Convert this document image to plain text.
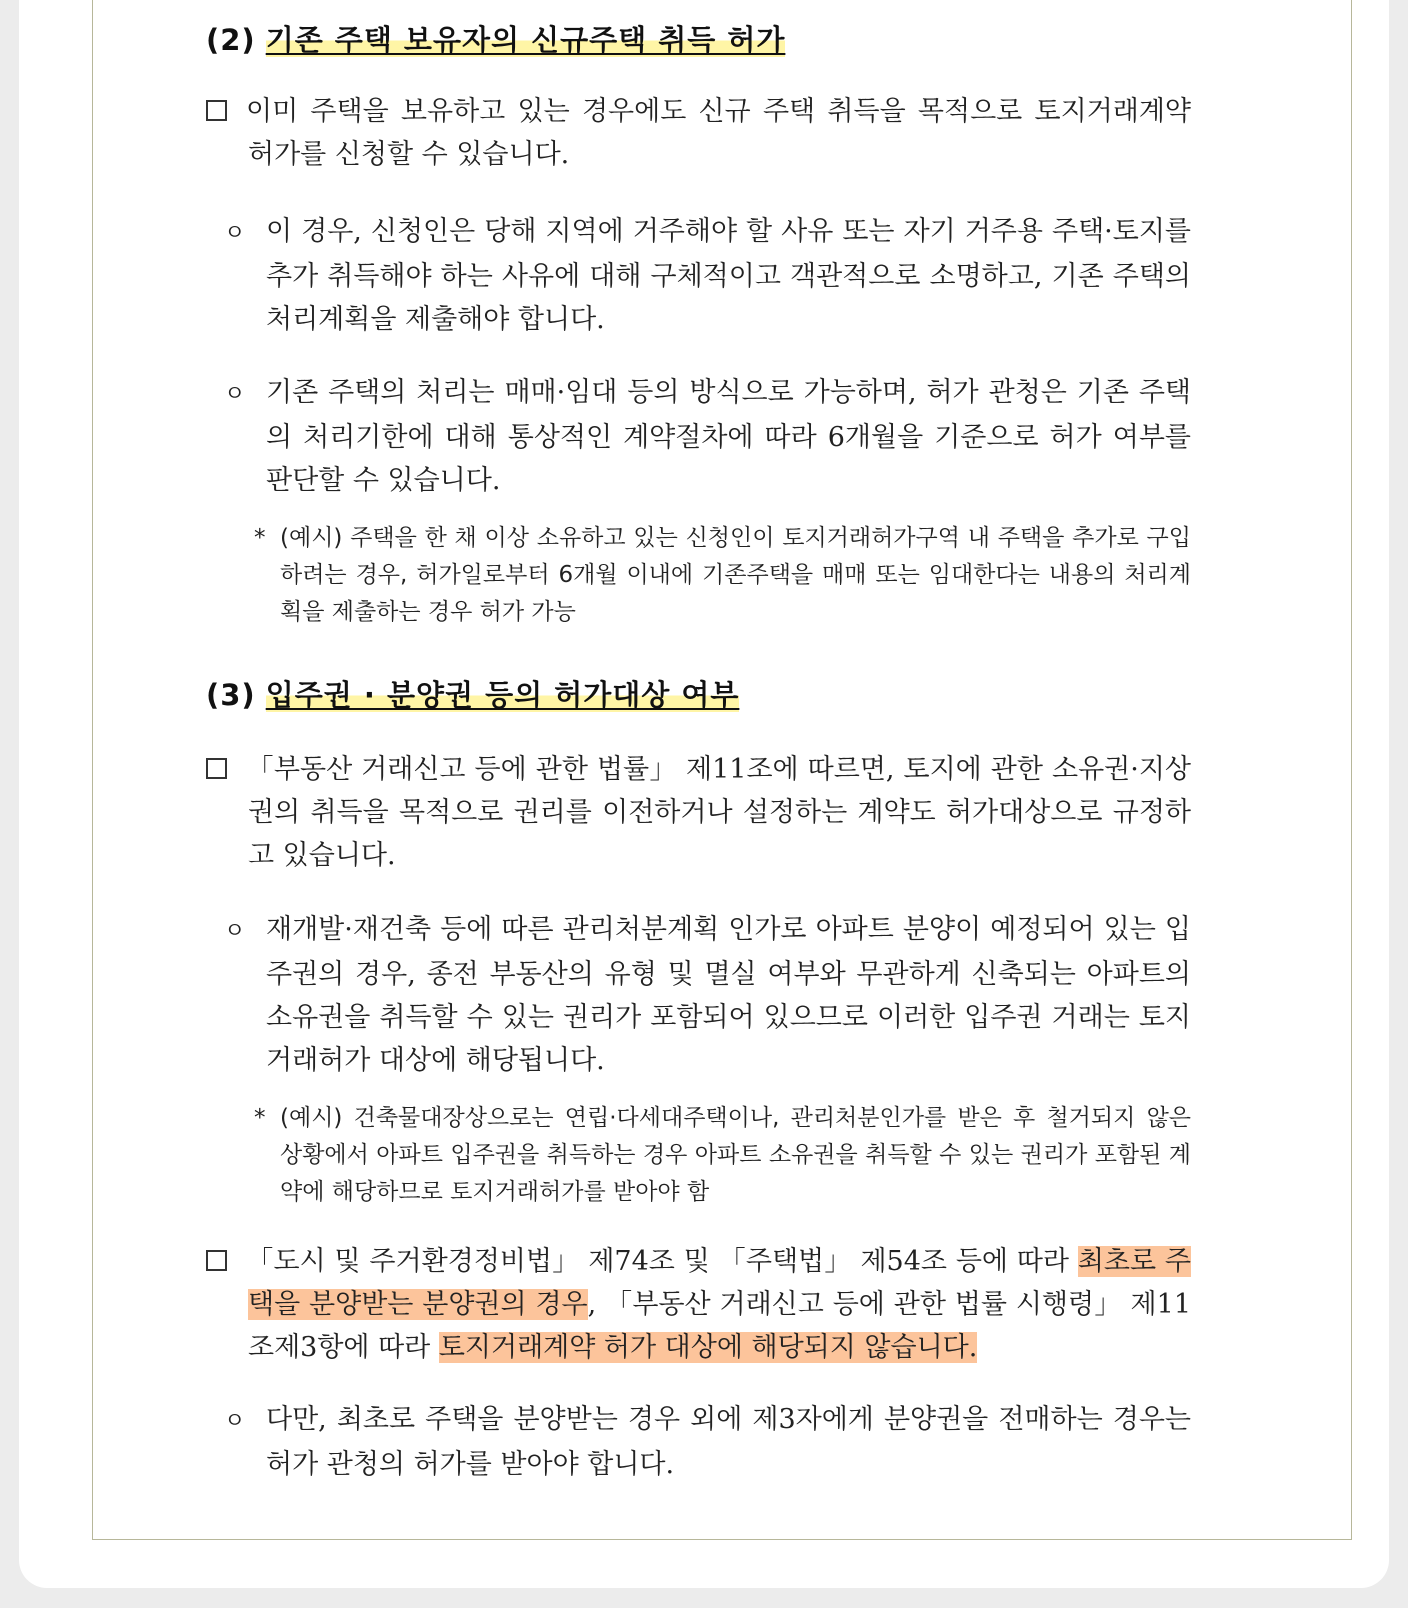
(2) 기존 주택 보유자의 신규주택 취득 허가

이미 주택을 보유하고 있는 경우에도 신규 주택 취득을 목적으로 토지거래계약 허가를 신청할 수 있습니다.

ㅇ 이 경우, 신청인은 당해 지역에 거주해야 할 사유 또는 자기 거주용 주택·토지를 추가 취득해야 하는 사유에 대해 구체적이고 객관적으로 소명하고, 기존 주택의 처리계획을 제출해야 합니다.

ㅇ 기존 주택의 처리는 매매·임대 등의 방식으로 가능하며, 허가 관청은 기존 주택의 처리기한에 대해 통상적인 계약절차에 따라 6개월을 기준으로 허가 여부를 판단할 수 있습니다.

* (예시) 주택을 한 채 이상 소유하고 있는 신청인이 토지거래허가구역 내 주택을 추가로 구입하려는 경우, 허가일로부터 6개월 이내에 기존주택을 매매 또는 임대한다는 내용의 처리계획을 제출하는 경우 허가 가능

(3) 입주권 · 분양권 등의 허가대상 여부

「부동산 거래신고 등에 관한 법률」 제11조에 따르면, 토지에 관한 소유권·지상권의 취득을 목적으로 권리를 이전하거나 설정하는 계약도 허가대상으로 규정하고 있습니다.

ㅇ 재개발·재건축 등에 따른 관리처분계획 인가로 아파트 분양이 예정되어 있는 입주권의 경우, 종전 부동산의 유형 및 멸실 여부와 무관하게 신축되는 아파트의 소유권을 취득할 수 있는 권리가 포함되어 있으므로 이러한 입주권 거래는 토지거래허가 대상에 해당됩니다.

* (예시) 건축물대장상으로는 연립·다세대주택이나, 관리처분인가를 받은 후 철거되지 않은 상황에서 아파트 입주권을 취득하는 경우 아파트 소유권을 취득할 수 있는 권리가 포함된 계약에 해당하므로 토지거래허가를 받아야 함

「도시 및 주거환경정비법」 제74조 및 「주택법」 제54조 등에 따라 최초로 주택을 분양받는 분양권의 경우, 「부동산 거래신고 등에 관한 법률 시행령」 제11조제3항에 따라 토지거래계약 허가 대상에 해당되지 않습니다.

ㅇ 다만, 최초로 주택을 분양받는 경우 외에 제3자에게 분양권을 전매하는 경우는 허가 관청의 허가를 받아야 합니다.
